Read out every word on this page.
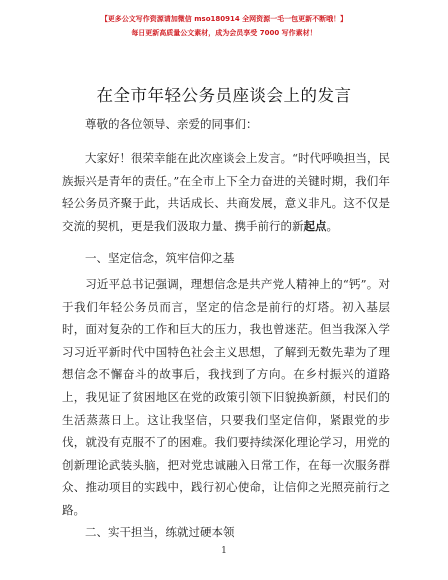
【更多公文写作资源请加微信 mso180914 全网资源一毛一包更新不断哦！】
每日更新高质量公文素材，成为会员享受 7000 写作素材！
在全市年轻公务员座谈会上的发言
尊敬的各位领导、亲爱的同事们：
大家好！很荣幸能在此次座谈会上发言。“时代呼唤担当，民族振兴是青年的责任。”在全市上下全力奋进的关键时期，我们年轻公务员齐聚于此，共话成长、共商发展，意义非凡。这不仅是交流的契机，更是我们汲取力量、携手前行的新起点。
一、坚定信念，筑牢信仰之基
习近平总书记强调，理想信念是共产党人精神上的“钙”。对于我们年轻公务员而言，坚定的信念是前行的灯塔。初入基层时，面对复杂的工作和巨大的压力，我也曾迷茫。但当我深入学习习近平新时代中国特色社会主义思想，了解到无数先辈为了理想信念不懈奋斗的故事后，我找到了方向。在乡村振兴的道路上，我见证了贫困地区在党的政策引领下旧貌换新颜，村民们的生活蒸蒸日上。这让我坚信，只要我们坚定信仰，紧跟党的步伐，就没有克服不了的困难。我们要持续深化理论学习，用党的创新理论武装头脑，把对党忠诚融入日常工作，在每一次服务群众、推动项目的实践中，践行初心使命，让信仰之光照亮前行之路。
二、实干担当，练就过硬本领
1
